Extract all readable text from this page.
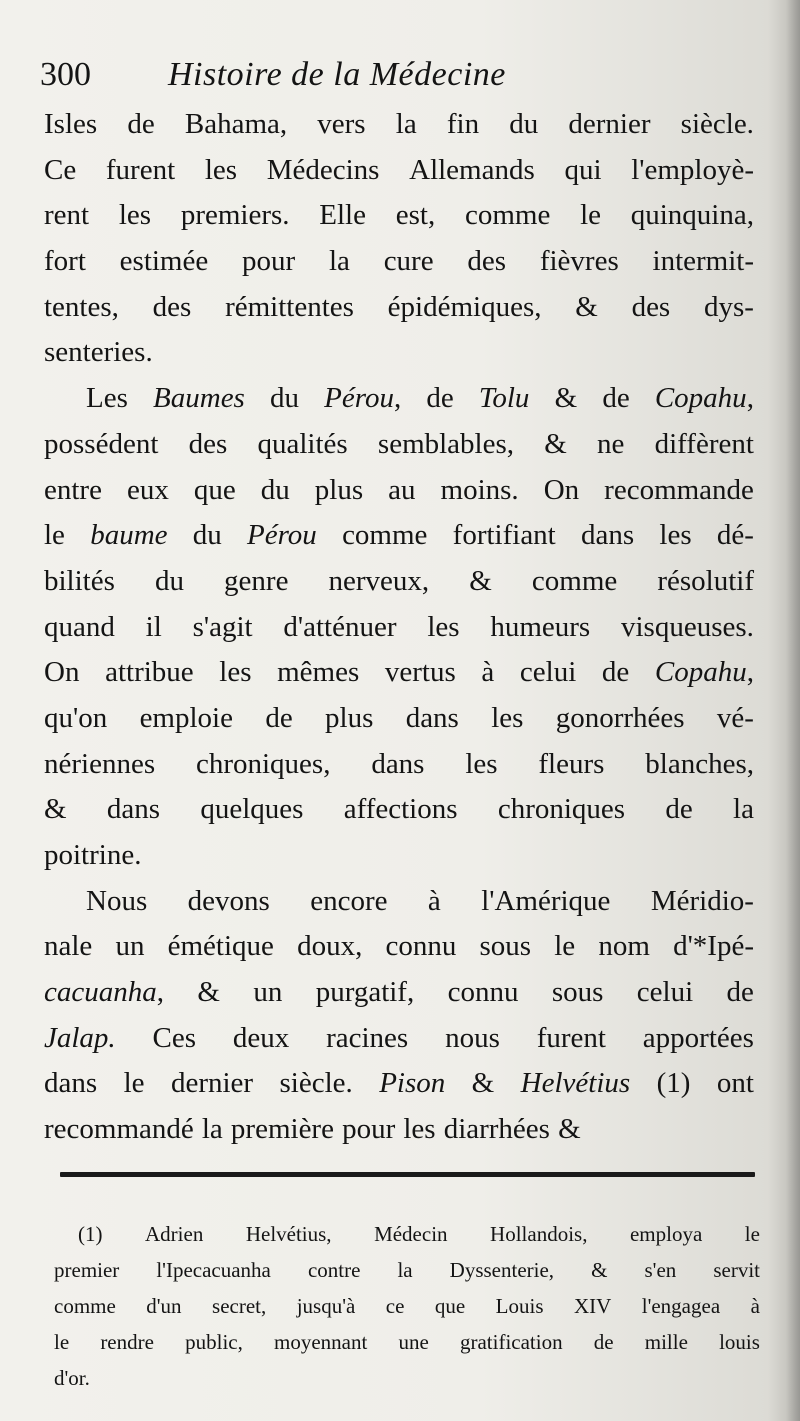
300 Histoire de la Médecine
Isles de Bahama, vers la fin du dernier siècle.
Ce furent les Médecins Allemands qui l'employè-
rent les premiers. Elle est, comme le quinquina,
fort estimée pour la cure des fièvres intermit-
tentes, des rémittentes épidémiques, & des dys-
senteries.
Les Baumes du Pérou, de Tolu & de Copahu,
possédent des qualités semblables, & ne diffèrent
entre eux que du plus au moins. On recommande
le baume du Pérou comme fortifiant dans les dé-
bilités du genre nerveux, & comme résolutif
quand il s'agit d'atténuer les humeurs visqueuses.
On attribue les mêmes vertus à celui de Copahu,
qu'on emploie de plus dans les gonorrhées vé-
nériennes chroniques, dans les fleurs blanches,
& dans quelques affections chroniques de la
poitrine.
Nous devons encore à l'Amérique Méridio-
nale un émétique doux, connu sous le nom d'*Ipé-
cacuanha, & un purgatif, connu sous celui de
Jalap. Ces deux racines nous furent apportées
dans le dernier siècle. Pison & Helvétius (1) ont
recommandé la première pour les diarrhées &
(1) Adrien Helvétius, Médecin Hollandois, employa le
premier l'Ipecacuanha contre la Dyssenterie, & s'en servit
comme d'un secret, jusqu'à ce que Louis XIV l'engagea à
le rendre public, moyennant une gratification de mille louis
d'or.
